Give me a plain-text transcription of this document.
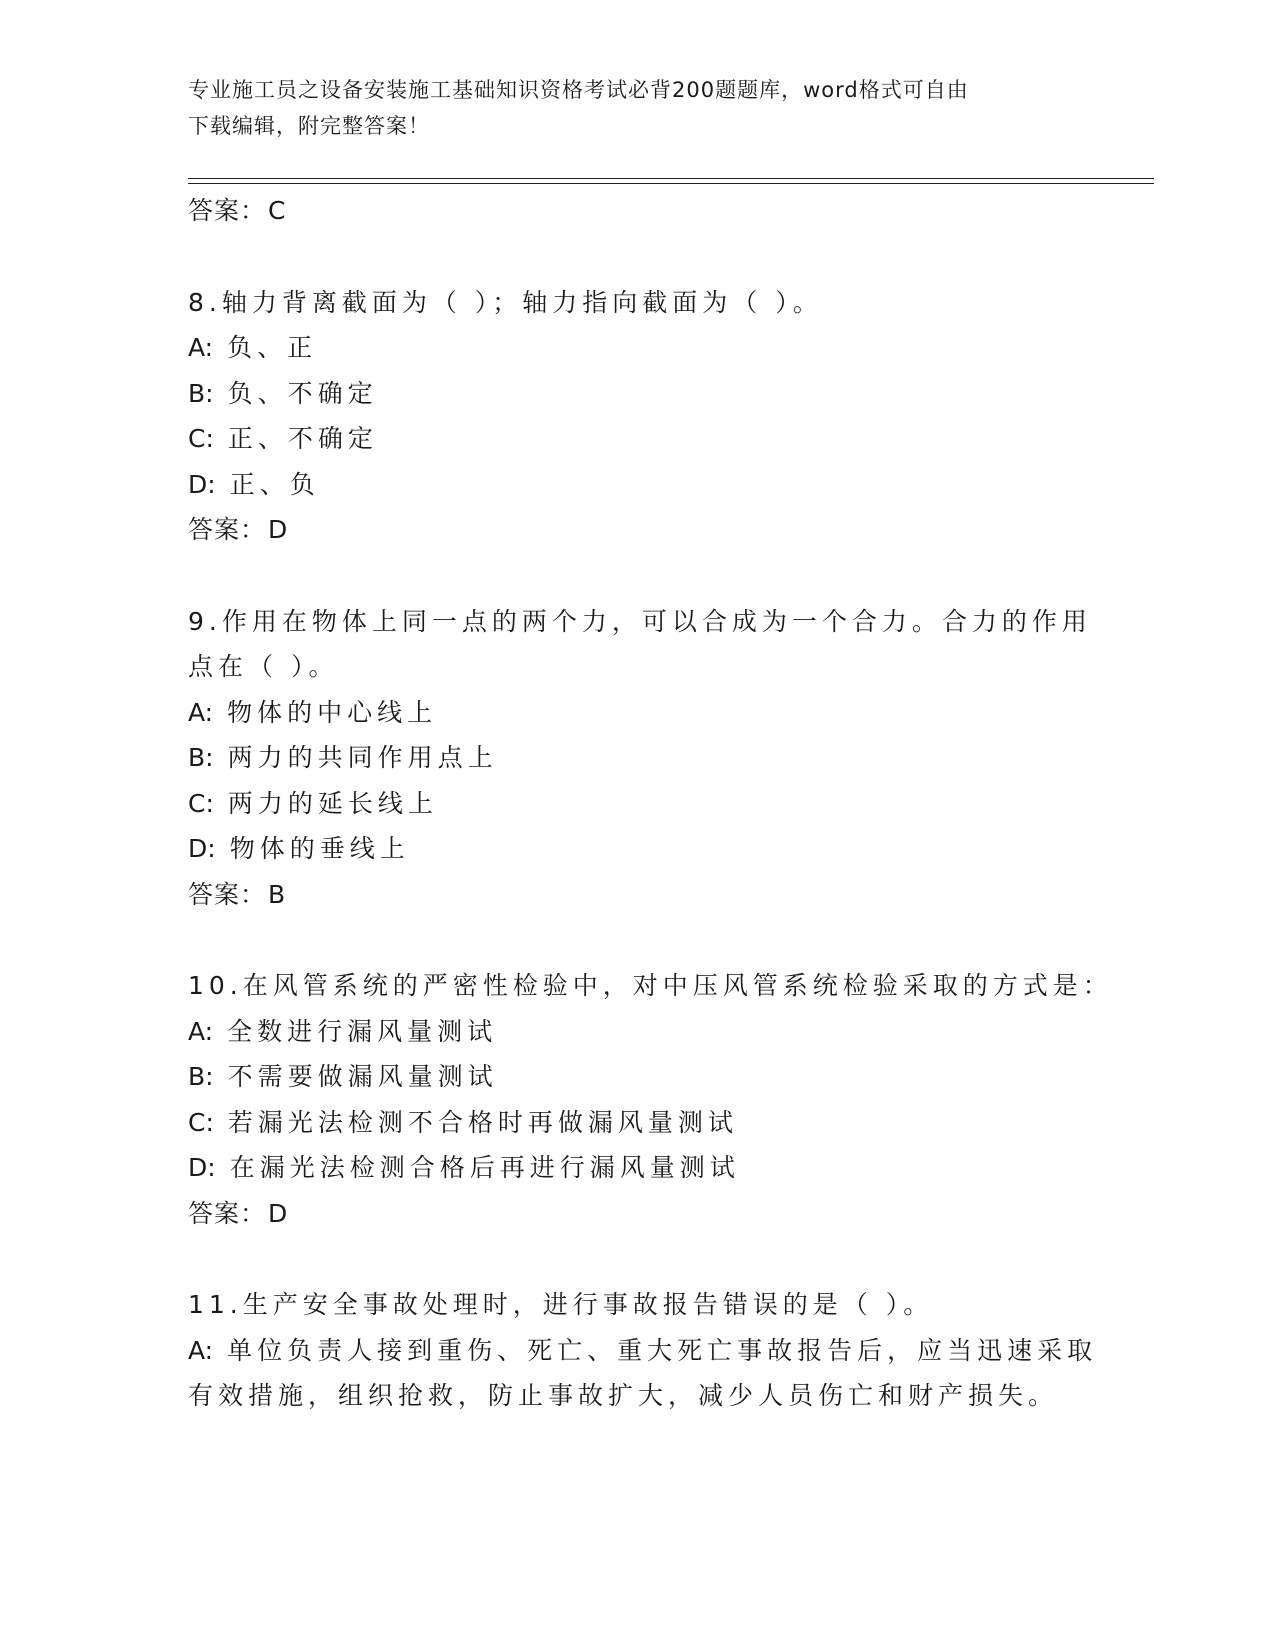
专业施工员之设备安装施工基础知识资格考试必背200题题库，word格式可自由
下载编辑，附完整答案！
答案：C
8.轴力背离截面为（ ）；轴力指向截面为（ ）。
A: 负、正
B: 负、不确定
C: 正、不确定
D: 正、负
答案：D
9.作用在物体上同一点的两个力，可以合成为一个合力。合力的作用
点在（ ）。
A: 物体的中心线上
B: 两力的共同作用点上
C: 两力的延长线上
D: 物体的垂线上
答案：B
10.在风管系统的严密性检验中，对中压风管系统检验采取的方式是：
A: 全数进行漏风量测试
B: 不需要做漏风量测试
C: 若漏光法检测不合格时再做漏风量测试
D: 在漏光法检测合格后再进行漏风量测试
答案：D
11.生产安全事故处理时，进行事故报告错误的是（ ）。
A: 单位负责人接到重伤、死亡、重大死亡事故报告后，应当迅速采取
有效措施，组织抢救，防止事故扩大，减少人员伤亡和财产损失。
